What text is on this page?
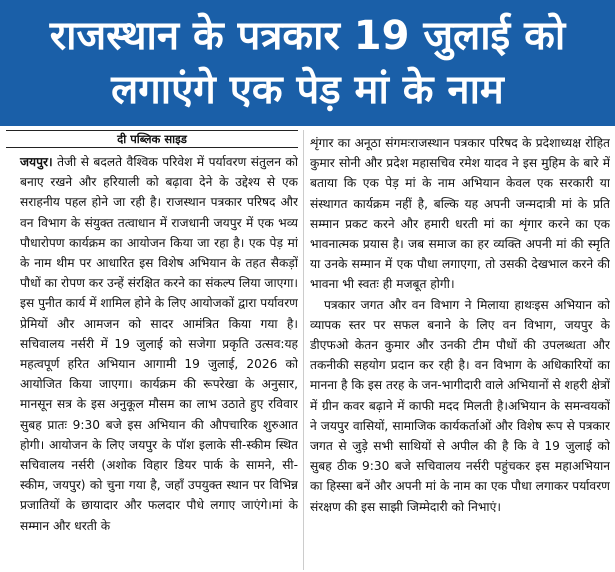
राजस्थान के पत्रकार 19 जुलाई को
लगाएंगे एक पेड़ मां के नाम
दी पब्लिक साइड

जयपुर। तेजी से बदलते वैश्विक परिवेश में पर्यावरण संतुलन को बनाए रखने और हरियाली को बढ़ावा देने के उद्देश्य से एक सराहनीय पहल होने जा रही है। राजस्थान पत्रकार परिषद और वन विभाग के संयुक्त तत्वाधान में राजधानी जयपुर में एक भव्य पौधारोपण कार्यक्रम का आयोजन किया जा रहा है। एक पेड़ मां के नाम थीम पर आधारित इस विशेष अभियान के तहत सैकड़ों पौधों का रोपण कर उन्हें संरक्षित करने का संकल्प लिया जाएगा। इस पुनीत कार्य में शामिल होने के लिए आयोजकों द्वारा पर्यावरण प्रेमियों और आमजन को सादर आमंत्रित किया गया है।सचिवालय नर्सरी में 19 जुलाई को सजेगा प्रकृति उत्सव:यह महत्वपूर्ण हरित अभियान आगामी 19 जुलाई, 2026 को आयोजित किया जाएगा। कार्यक्रम की रूपरेखा के अनुसार, मानसून सत्र के इस अनुकूल मौसम का लाभ उठाते हुए रविवार सुबह प्रातः 9:30 बजे इस अभियान की औपचारिक शुरुआत होगी। आयोजन के लिए जयपुर के पॉश इलाके सी-स्कीम स्थित सचिवालय नर्सरी (अशोक विहार डियर पार्क के सामने, सी-स्कीम, जयपुर) को चुना गया है, जहाँ उपयुक्त स्थान पर विभिन्न प्रजातियों के छायादार और फलदार पौधे लगाए जाएंगे।मां के सम्मान और धरती के

शृंगार का अनूठा संगमःराजस्थान पत्रकार परिषद के प्रदेशाध्यक्ष रोहित कुमार सोनी और प्रदेश महासचिव रमेश यादव ने इस मुहिम के बारे में बताया कि एक पेड़ मां के नाम अभियान केवल एक सरकारी या संस्थागत कार्यक्रम नहीं है, बल्कि यह अपनी जन्मदात्री मां के प्रति सम्मान प्रकट करने और हमारी धरती मां का शृंगार करने का एक भावनात्मक प्रयास है। जब समाज का हर व्यक्ति अपनी मां की स्मृति या उनके सम्मान में एक पौधा लगाएगा, तो उसकी देखभाल करने की भावना भी स्वतः ही मजबूत होगी।

पत्रकार जगत और वन विभाग ने मिलाया हाथःइस अभियान को व्यापक स्तर पर सफल बनाने के लिए वन विभाग, जयपुर के डीएफओ केतन कुमार और उनकी टीम पौधों की उपलब्धता और तकनीकी सहयोग प्रदान कर रही है। वन विभाग के अधिकारियों का मानना है कि इस तरह के जन-भागीदारी वाले अभियानों से शहरी क्षेत्रों में ग्रीन कवर बढ़ाने में काफी मदद मिलती है।अभियान के समन्वयकों ने जयपुर वासियों, सामाजिक कार्यकर्ताओं और विशेष रूप से पत्रकार जगत से जुड़े सभी साथियों से अपील की है कि वे 19 जुलाई को सुबह ठीक 9:30 बजे सचिवालय नर्सरी पहुंचकर इस महाअभियान का हिस्सा बनें और अपनी मां के नाम का एक पौधा लगाकर पर्यावरण संरक्षण की इस साझी जिम्मेदारी को निभाएं।
